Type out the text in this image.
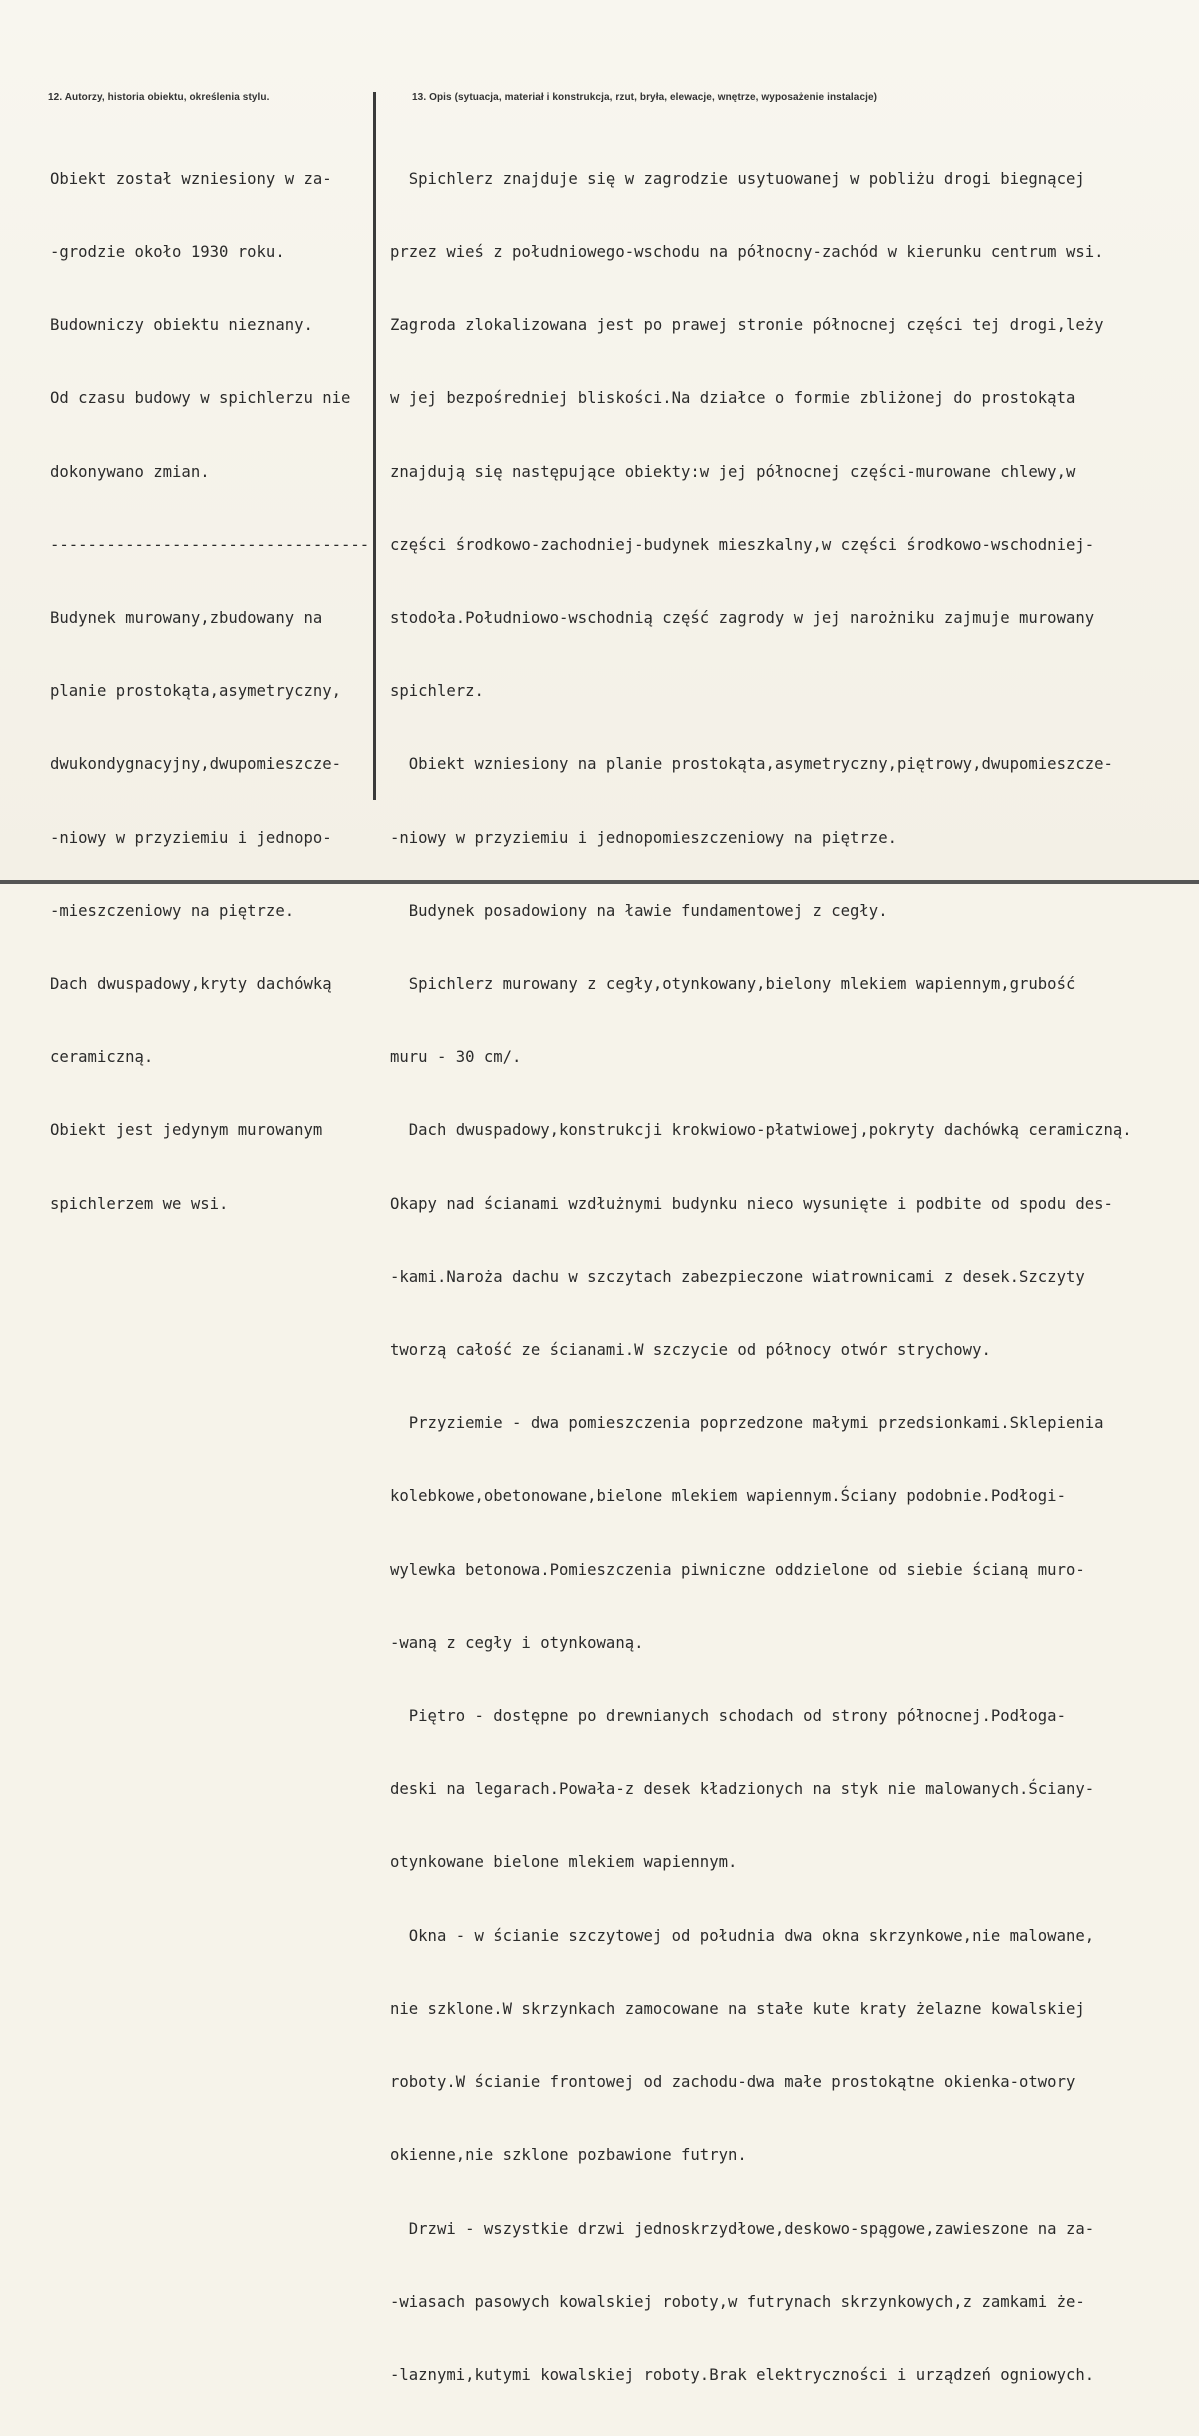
12. Autorzy, historia obiektu, określenia stylu.	13. Opis (sytuacja, materiał i konstrukcja, rzut, bryła, elewacje, wnętrze, wyposażenie instalacje)

Obiekt został wzniesiony w za-

-grodzie około 1930 roku.

Budowniczy obiektu nieznany.

Od czasu budowy w spichlerzu nie

dokonywano zmian.

----------------------------------

Budynek murowany,zbudowany na

planie prostokąta,asymetryczny,

dwukondygnacyjny,dwupomieszcze-

-niowy w przyziemiu i jednopo-

-mieszczeniowy na piętrze.

Dach dwuspadowy,kryty dachówką

ceramiczną.

Obiekt jest jedynym murowanym

spichlerzem we wsi.

Spichlerz znajduje się w zagrodzie usytuowanej w pobliżu drogi biegnącej

przez wieś z południowego-wschodu na północny-zachód w kierunku centrum wsi.

Zagroda zlokalizowana jest po prawej stronie północnej części tej drogi,leży

w jej bezpośredniej bliskości.Na działce o formie zbliżonej do prostokąta

znajdują się następujące obiekty:w jej północnej części-murowane chlewy,w

części środkowo-zachodniej-budynek mieszkalny,w części środkowo-wschodniej-

stodoła.Południowo-wschodnią część zagrody w jej narożniku zajmuje murowany

spichlerz.

Obiekt wzniesiony na planie prostokąta,asymetryczny,piętrowy,dwupomieszcze-

-niowy w przyziemiu i jednopomieszczeniowy na piętrze.

Budynek posadowiony na ławie fundamentowej z cegły.

Spichlerz murowany z cegły,otynkowany,bielony mlekiem wapiennym,grubość

muru - 30 cm/.

Dach dwuspadowy,konstrukcji krokwiowo-płatwiowej,pokryty dachówką ceramiczną.

Okapy nad ścianami wzdłużnymi budynku nieco wysunięte i podbite od spodu des-

-kami.Naroża dachu w szczytach zabezpieczone wiatrownicami z desek.Szczyty

tworzą całość ze ścianami.W szczycie od północy otwór strychowy.

Przyziemie - dwa pomieszczenia poprzedzone małymi przedsionkami.Sklepienia

kolebkowe,obetonowane,bielone mlekiem wapiennym.Ściany podobnie.Podłogi-

wylewka betonowa.Pomieszczenia piwniczne oddzielone od siebie ścianą muro-

-waną z cegły i otynkowaną.

Piętro - dostępne po drewnianych schodach od strony północnej.Podłoga-

deski na legarach.Powała-z desek kładzionych na styk nie malowanych.Ściany-

otynkowane bielone mlekiem wapiennym.

Okna - w ścianie szczytowej od południa dwa okna skrzynkowe,nie malowane,

nie szklone.W skrzynkach zamocowane na stałe kute kraty żelazne kowalskiej

roboty.W ścianie frontowej od zachodu-dwa małe prostokątne okienka-otwory

okienne,nie szklone pozbawione futryn.

Drzwi - wszystkie drzwi jednoskrzydłowe,deskowo-spągowe,zawieszone na za-

-wiasach pasowych kowalskiej roboty,w futrynach skrzynkowych,z zamkami że-

-laznymi,kutymi kowalskiej roboty.Brak elektryczności i urządzeń ogniowych.
